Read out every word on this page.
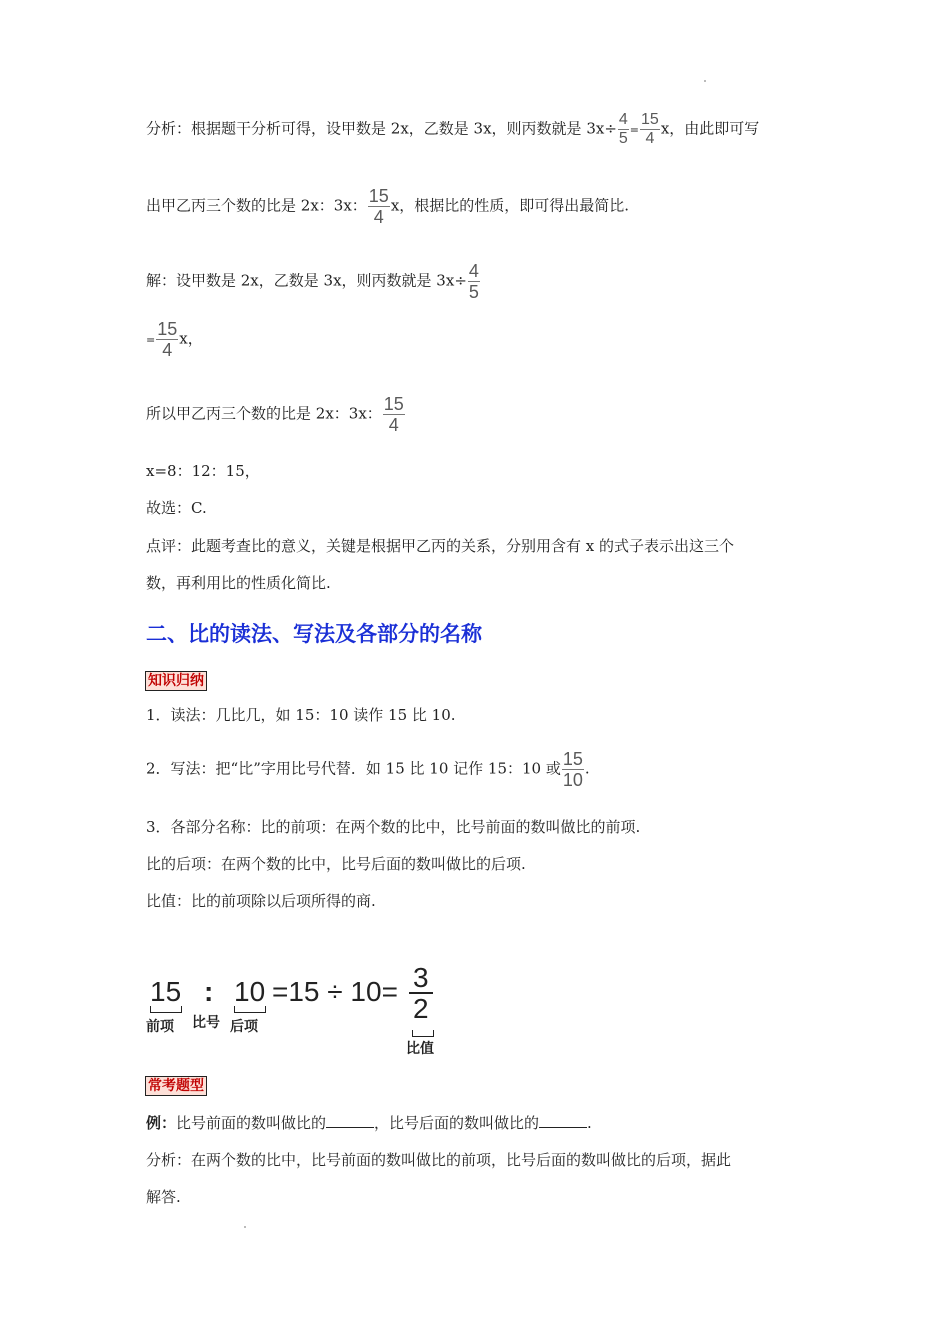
分析：根据题干分析可得，设甲数是 2x，乙数是 3x，则丙数就是 $3x\div \frac{4}{5} = \frac{15}{4}$ x，由此即可写
出甲乙丙三个数的比是 2x：3x： $\frac{15}{4}$ x，根据比的性质，即可得出最简比.
解：设甲数是 2x，乙数是 3x，则丙数就是 $3x\div \frac{4}{5}$
= $\frac{15}{4}$ x，
所以甲乙丙三个数的比是 2x：3x： $\frac{15}{4}$
x=8：12：15，
故选：C.
点评：此题考查比的意义，关键是根据甲乙丙的关系，分别用含有 x 的式子表示出这三个
数，再利用比的性质化简比.
二、比的读法、写法及各部分的名称
知识归纳
1．读法：几比几，如 15：10 读作 15 比 10.
2．写法：把“比”字用比号代替．如 15 比 10 记作 15：10 或 $\frac{15}{10}$ .
3．各部分名称：比的前项：在两个数的比中，比号前面的数叫做比的前项.
比的后项：在两个数的比中，比号后面的数叫做比的后项.
比值：比的前项除以后项所得的商.
15 : $10 =15 \div 10= \frac{3}{2}$
前项 比号 后项
比值
常考题型
例：比号前面的数叫做比的	，比号后面的数叫做比的	.
分析：在两个数的比中，比号前面的数叫做比的前项，比号后面的数叫做比的后项，据此
解答.
